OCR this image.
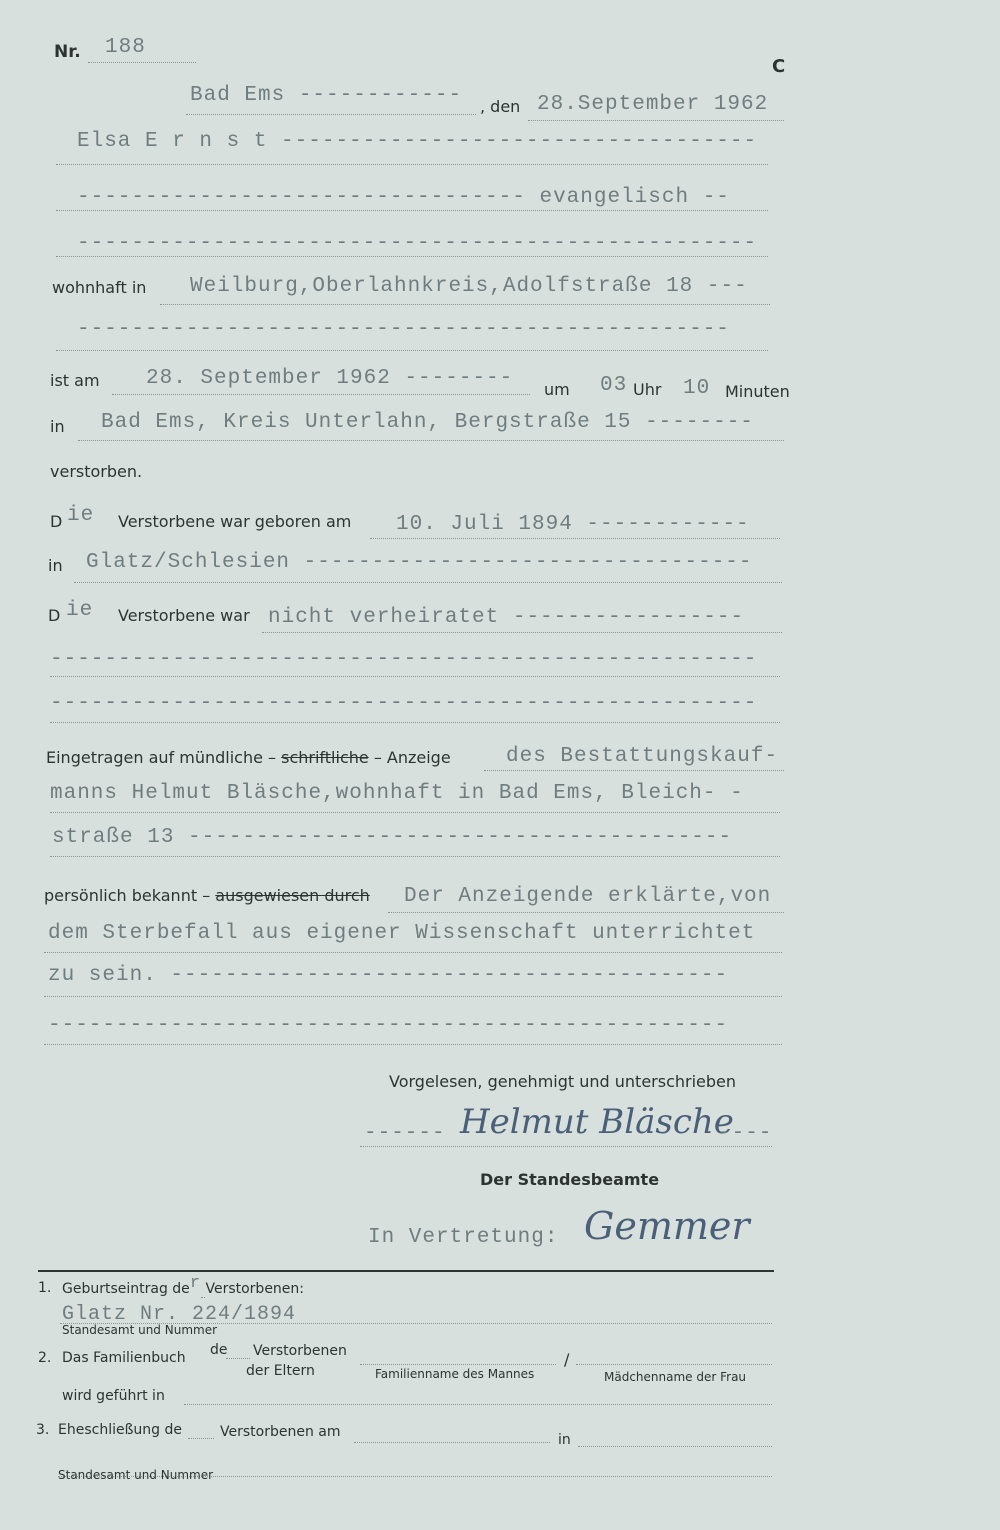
Nr. 188
C
Bad Ems ------------ , den 28.September 1962
Elsa E r n s t -----------------------------------
--------------------------------- evangelisch --
--------------------------------------------------
wohnhaft in Weilburg,Oberlahnkreis,Adolfstraße 18 ---
------------------------------------------------
ist am 28. September 1962 -------- um 03 Uhr 10 Minuten
in Bad Ems, Kreis Unterlahn, Bergstraße 15 --------
verstorben.
D ie Verstorbene war geboren am 10. Juli 1894 ------------
in Glatz/Schlesien ---------------------------------
D ie Verstorbene war nicht verheiratet -----------------
----------------------------------------------------
----------------------------------------------------
Eingetragen auf mündliche – schriftliche – Anzeige	des Bestattungskauf-
manns Helmut Bläsche,wohnhaft in Bad Ems, Bleich- -
straße 13 ----------------------------------------
persönlich bekannt – ausgewiesen durch Der Anzeigende erklärte,von
dem Sterbefall aus eigener Wissenschaft unterrichtet
zu sein. -----------------------------------------
--------------------------------------------------
Vorgelesen, genehmigt und unterschrieben
------ Helmut Bläsche
----
Der Standesbeamte
In Vertretung: Gemmer
1. Geburtseintrag der Verstorbenen:
Glatz Nr. 224/1894
Standesamt und Nummer
2. Das Familienbuch de Verstorbenen
der Eltern	Familienname des Mannes
/
Mädchenname der Frau
wird geführt in
3. Eheschließung de	Verstorbenen am	in
Standesamt und Nummer
